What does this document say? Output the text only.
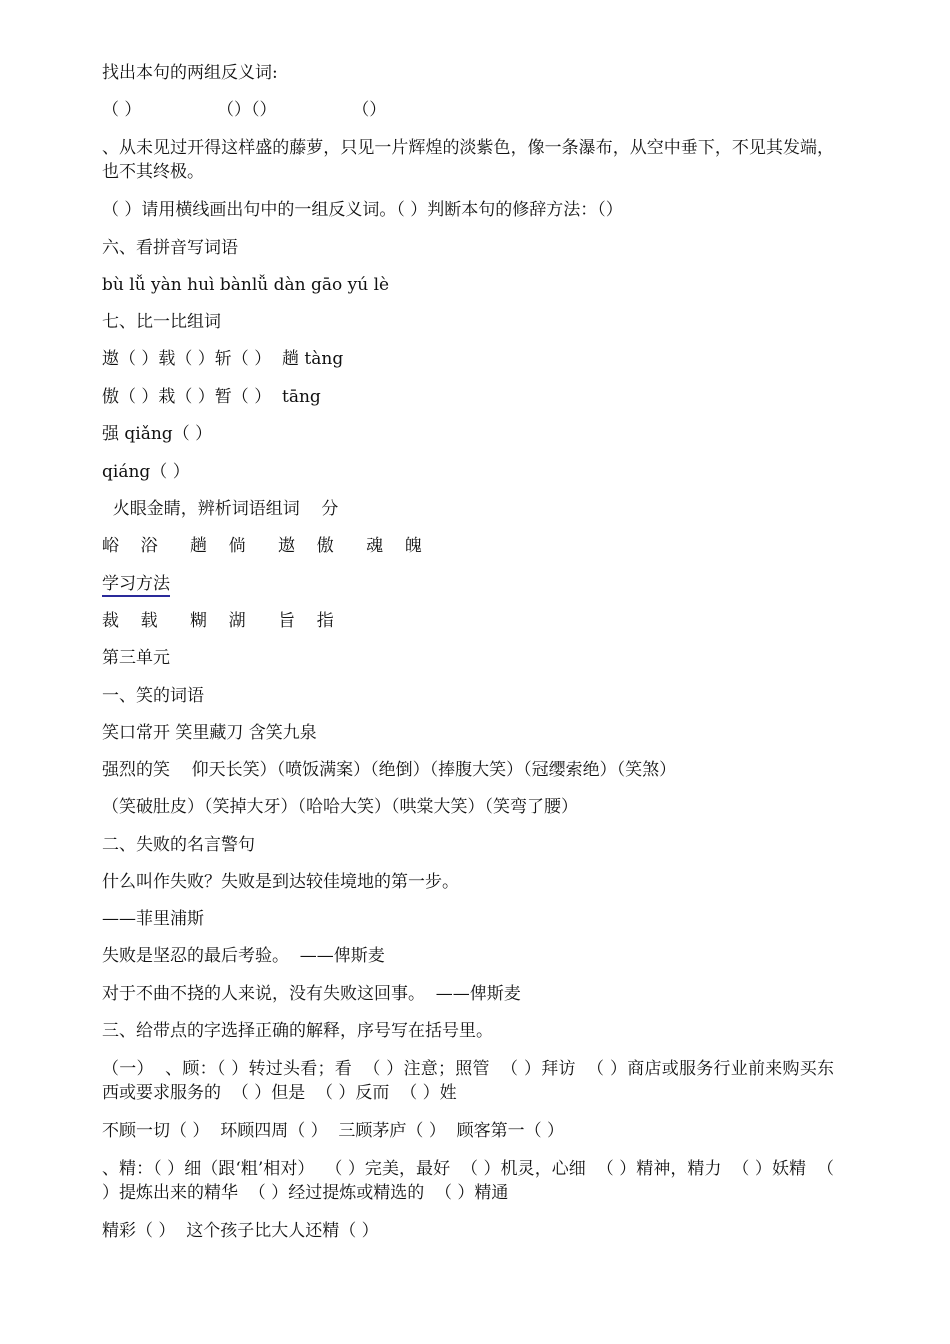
找出本句的两组反义词:
（ ）              （）（）              （）
、从未见过开得这样盛的藤萝，只见一片辉煌的淡紫色，像一条瀑布，从空中垂下，不见其发端，也不其终极。
（ ）请用横线画出句中的一组反义词。（ ）判断本句的修辞方法：（）
六、看拼音写词语
bù lǚ yàn huì bànlǚ dàn gāo yú lè
七、比一比组词
遨（ ）载（ ）斩（ ）  趟 tàng
傲（ ）栽（ ）暂（ ）  tāng
强 qiǎng（ ）
qiáng（ ）
火眼金睛，辨析词语组词    分
峪    浴      趟    倘      遨    傲      魂    魄
学习方法
裁    载      糊    湖      旨    指
第三单元
一、笑的词语
笑口常开 笑里藏刀 含笑九泉
强烈的笑    仰天长笑）（喷饭满案）（绝倒）（捧腹大笑）（冠缨索绝）（笑煞）
（笑破肚皮）（笑掉大牙）（哈哈大笑）（哄棠大笑）（笑弯了腰）
二、失败的名言警句
什么叫作失败？失败是到达较佳境地的第一步。
——菲里浦斯
失败是坚忍的最后考验。  ——俾斯麦
对于不曲不挠的人来说，没有失败这回事。  ——俾斯麦
三、给带点的字选择正确的解释，序号写在括号里。
（一）  、顾：（ ）转过头看；看  （ ）注意；照管  （ ）拜访  （ ）商店或服务行业前来购买东西或要求服务的  （ ）但是  （ ）反而  （ ）姓
不顾一切（ ）  环顾四周（ ）  三顾茅庐（ ）  顾客第一（ ）
、精：（ ）细（跟‘粗’相对）  （ ）完美，最好  （ ）机灵，心细  （ ）精神，精力  （ ）妖精  （ ）提炼出来的精华  （ ）经过提炼或精选的  （ ）精通
精彩（ ）  这个孩子比大人还精（ ）
